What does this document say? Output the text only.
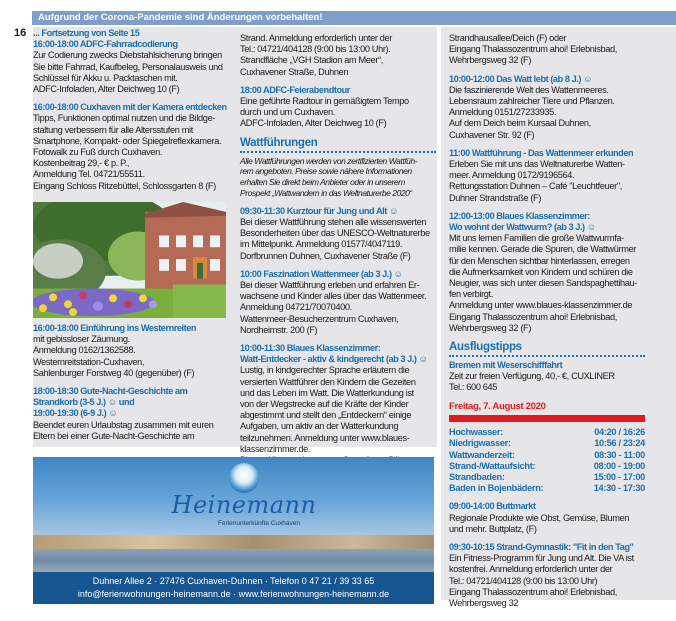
Aufgrund der Corona-Pandemie sind Änderungen vorbehalten!
16 ... Fortsetzung von Seite 15

16:00-18:00 ADFC-Fahrradcodierung

Zur Codierung zwecks Diebstahlsicherung bringen

Sie bitte Fahrrad, Kaufbeleg, Personalausweis und

Schlüssel für Akku u. Packtaschen mit.

ADFC-Infoladen, Alter Deichweg 10 (F)

16:00-18:00 Cuxhaven mit der Kamera entdecken

Tipps, Funktionen optimal nutzen und die Bildge-

staltung verbessern für alle Altersstufen mit

Smartphone, Kompakt- oder Spiegelreflexkamera.

Fotowalk zu Fuß durch Cuxhaven.

Kostenbeitrag 29,- € p. P.,

Anmeldung Tel. 04721/55511.

Eingang Schloss Ritzebüttel, Schlossgarten 8 (F)

16:00-18:00 Einführung ins Westernreiten

mit gebissloser Zäumung.

Anmeldung 0162/1362588.

Westernreitstation-Cuxhaven,

Sahlenburger Forstweg 40 (gegenüber) (F)

18:00-18:30 Gute-Nacht-Geschichte am

Strandkorb (3-5 J.) ☺ und

19:00-19:30 (6-9 J.) ☺

Beendet euren Urlaubstag zusammen mit euren

Eltern bei einer Gute-Nacht-Geschichte am

Strand. Anmeldung erforderlich unter der

Tel.: 04721/404128 (9:00 bis 13:00 Uhr).

Strandfläche „VGH Stadion am Meer“,

Cuxhavener Straße, Duhnen

18:00 ADFC-Feierabendtour

Eine geführte Radtour in gemäßigtem Tempo

durch und um Cuxhaven.

ADFC-Infoladen, Alter Deichweg 10 (F)

Wattführungen

Alle Wattführungen werden von zertifizierten Wattfüh-

rern angeboten. Preise sowie nähere Informationen

erhalten Sie direkt beim Anbieter oder in unserem

Prospekt „Wattwandern in das Weltnaturerbe 2020“

09:30-11:30 Kurztour für Jung und Alt ☺

Bei dieser Wattführung stehen alle wissenswerten

Besonderheiten über das UNESCO-Weltnaturerbe

im Mittelpunkt. Anmeldung 01577/4047119.

Dorfbrunnen Duhnen, Cuxhavener Straße (F)

10:00 Faszination Wattenmeer (ab 3 J.) ☺

Bei dieser Wattführung erleben und erfahren Er-

wachsene und Kinder alles über das Wattenmeer.

Anmeldung 04721/70070400.

Wattenmeer-Besucherzentrum Cuxhaven,

Nordheimstr. 200 (F)

10:00-11:30 Blaues Klassenzimmer:

Watt-Entdecker - aktiv & kindgerecht (ab 3 J.) ☺

Lustig, in kindgerechter Sprache erläutern die

versierten Wattführer den Kindern die Gezeiten

und das Leben im Watt. Die Watterkundung ist

von der Wegstrecke auf die Kräfte der Kinder

abgestimmt und stellt den „Entdeckern“ einige

Aufgaben, um aktiv an der Watterkundung

teilzunehmen. Anmeldung unter www.blaues-

klassenzimmer.de.

Strandhausallee/Deich (F) oder

Eingang Thalassozentrum ahoi! Erlebnisbad,

Wehrbergsweg 32 (F)

10:00-12:00 Das Watt lebt (ab 8 J.) ☺

Die faszinierende Welt des Wattenmeeres.

Lebensraum zahlreicher Tiere und Pflanzen.

Anmeldung 0151/27233935.

Auf dem Deich beim Kursaal Duhnen,

Cuxhavener Str. 92 (F)

11:00 Wattführung - Das Wattenmeer erkunden

Erleben Sie mit uns das Weltnaturerbe Watten-

meer. Anmeldung 0172/9196564.

Rettungsstation Duhnen – Café "Leuchtfeuer",

Duhner Strandstraße (F)

12:00-13:00 Blaues Klassenzimmer:

Wo wohnt der Wattwurm? (ab 3 J.) ☺

Mit uns lernen Familien die große Wattwurmfa-

milie kennen. Gerade die Spuren, die Wattwürmer

für den Menschen sichtbar hinterlassen, erregen

die Aufmerksamkeit von Kindern und schüren die

Neugier, was sich unter diesen Sandspaghettihau-

fen verbirgt.

Anmeldung unter www.blaues-klassenzimmer.de

Eingang Thalassozentrum ahoi! Erlebnisbad,

Wehrbergsweg 32 (F)

Ausflugstipps

Bremen mit Weserschifffahrt

Zeit zur freien Verfügung, 40,- €, CUXLINER

Tel.: 600 645

Freitag, 7. August 2020

Hochwasser:	04:20 / 16:26
Niedrigwasser:	10:56 / 23:24
Wattwanderzeit:	08:30 - 11:00
Strand-/Wattaufsicht:	08:00 - 19:00
Strandbaden:	15:00 - 17:00
Baden in Bojenbädern:	14:30 - 17:30

09:00-14:00 Buttmarkt

Regionale Produkte wie Obst, Gemüse, Blumen

und mehr. Buttplatz, (F)

09:30-10:15 Strand-Gymnastik: "Fit in den Tag"

Ein Fitness-Programm für Jung und Alt. Die VA ist

kostenfrei. Anmeldung erforderlich unter der

Tel.: 04721/404128 (9:00 bis 13:00 Uhr)

Eingang Thalassozentrum ahoi! Erlebnisbad,

Wehrbergsweg 32

Heinemann
Ferienunterkünfte Cuxhaven
Duhner Allee 2 · 27476 Cuxhaven-Duhnen · Telefon 0 47 21 / 39 33 65
info@ferienwohnungen-heinemann.de · www.ferienwohnungen-heinemann.de
